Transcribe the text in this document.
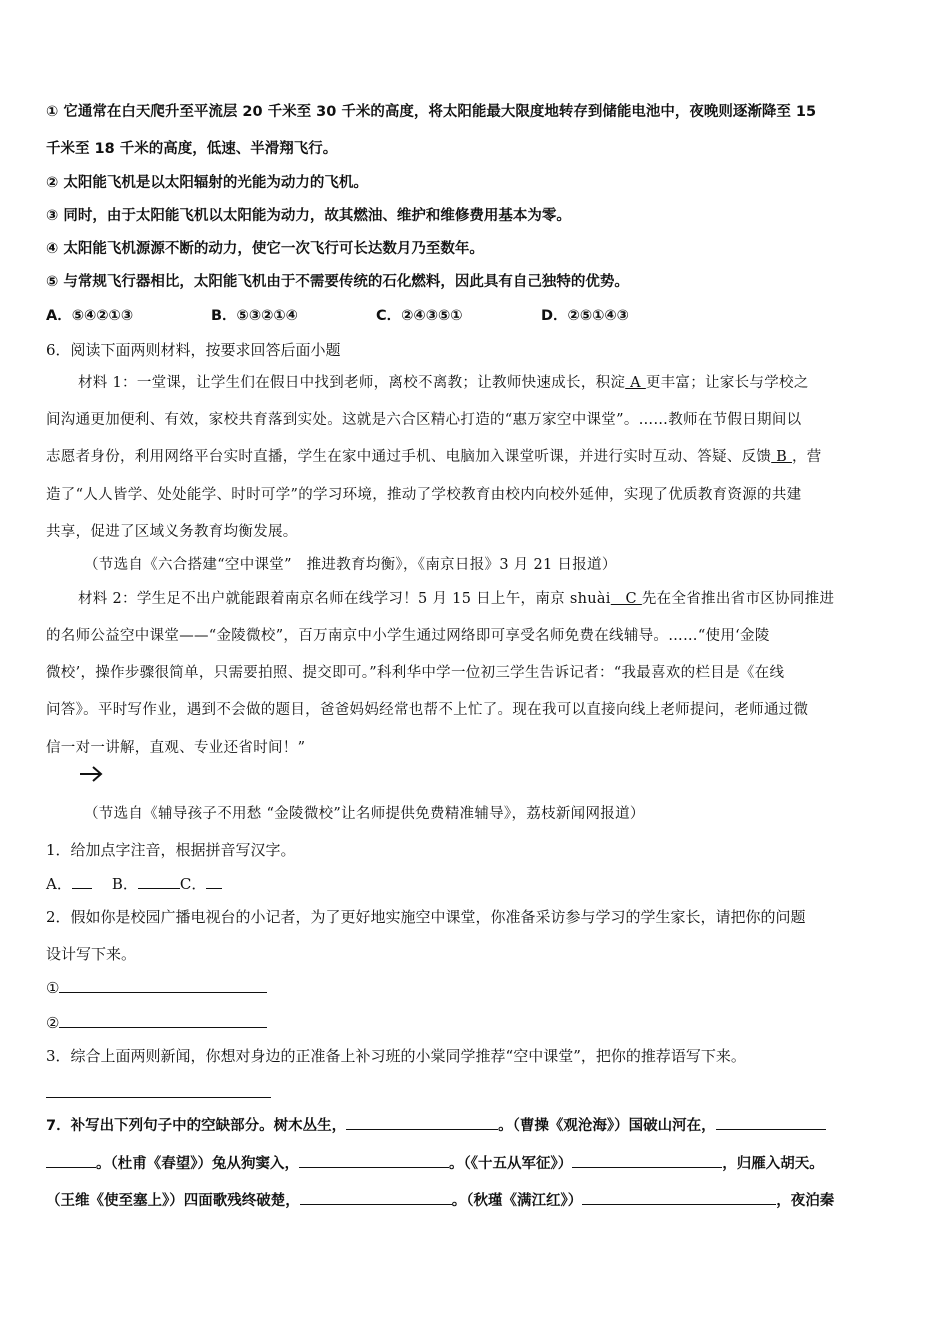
① 它通常在白天爬升至平流层 20 千米至 30 千米的高度，将太阳能最大限度地转存到储能电池中，夜晚则逐渐降至 15
千米至 18 千米的高度，低速、半滑翔飞行。
② 太阳能飞机是以太阳辐射的光能为动力的飞机。
③ 同时，由于太阳能飞机以太阳能为动力，故其燃油、维护和维修费用基本为零。
④ 太阳能飞机源源不断的动力，使它一次飞行可长达数月乃至数年。
⑤ 与常规飞行器相比，太阳能飞机由于不需要传统的石化燃料，因此具有自己独特的优势。
A．⑤④②①③	B．⑤③②①④	C．②④③⑤①	D．②⑤①④③
6．阅读下面两则材料，按要求回答后面小题
材料 1：一堂课，让学生们在假日中找到老师，离校不离教；让教师快速成长，积淀 A 更丰富；让家长与学校之
间沟通更加便利、有效，家校共育落到实处。这就是六合区精心打造的“惠万家空中课堂”。……教师在节假日期间以
志愿者身份，利用网络平台实时直播，学生在家中通过手机、电脑加入课堂听课，并进行实时互动、答疑、反馈 B ，营
造了“人人皆学、处处能学、时时可学”的学习环境，推动了学校教育由校内向校外延伸，实现了优质教育资源的共建
共享，促进了区域义务教育均衡发展。
（节选自《六合搭建“空中课堂”　推进教育均衡》，《南京日报》3 月 21 日报道）
材料 2：学生足不出户就能跟着南京名师在线学习！5 月 15 日上午，南京 shuài　C 先在全省推出省市区协同推进
的名师公益空中课堂——“金陵微校”，百万南京中小学生通过网络即可享受名师免费在线辅导。……“使用‘金陵
微校’，操作步骤很简单，只需要拍照、提交即可。”科利华中学一位初三学生告诉记者：“我最喜欢的栏目是《在线
问答》。平时写作业，遇到不会做的题目，爸爸妈妈经常也帮不上忙了。现在我可以直接向线上老师提问，老师通过微
信一对一讲解，直观、专业还省时间！”
（节选自《辅导孩子不用愁 “金陵微校”让名师提供免费精准辅导》，荔枝新闻网报道）
1．给加点字注音，根据拼音写汉字。
A．	B．	C．
2．假如你是校园广播电视台的小记者，为了更好地实施空中课堂，你准备采访参与学习的学生家长，请把你的问题
设计写下来。
①
②
3．综合上面两则新闻，你想对身边的正准备上补习班的小棠同学推荐“空中课堂”，把你的推荐语写下来。
7．补写出下列句子中的空缺部分。树木丛生，	。（曹操《观沧海》）国破山河在，
。（杜甫《春望》）兔从狗窦入，	。（《十五从军征》）	，归雁入胡天。
（王维《使至塞上》）四面歌残终破楚，	。（秋瑾《满江红》）	，夜泊秦
